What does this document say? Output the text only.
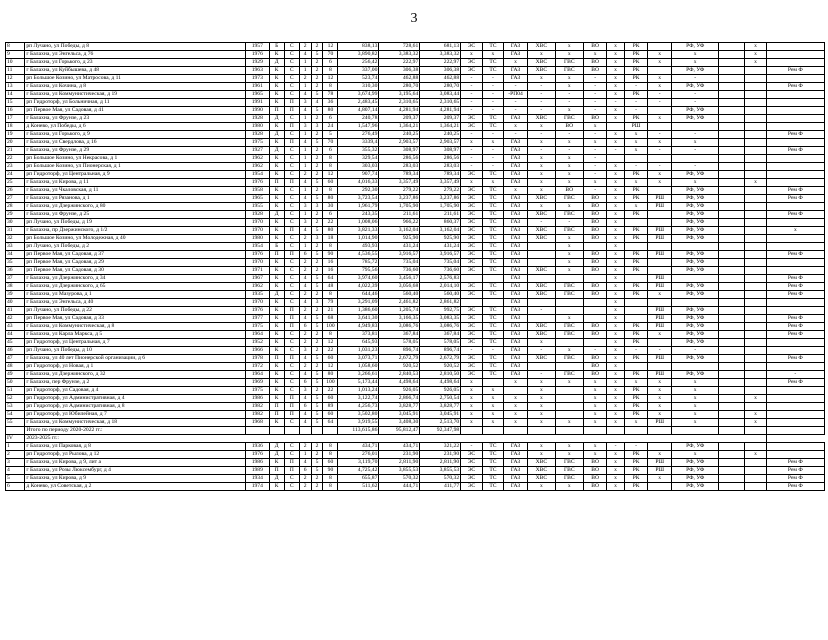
3
8	рп Лучано, ул Победы, д 8	1957	Б	С	2	2	12	838,13	728,61	681,13	ЭС	ТС	ГАЗ	ХВС	х	ВО	х	РК		РФ, УФ		х	
9	г Балахна, ул Энгельса, д 76	1976	К	С	4	5	70	3,890,82	3,383,32	3,383,32	х	х	ГАЗ	х	х	х	х	РК	х	х		х	
10	г Балахна, ул Горького, д 23	1929	Д	С	1	2	6	256,42	222,97	222,97	ЭС	ТС	х	ХВС	ГВС	ВО	х	РК	х	х		х	
11	г Балахна, ул Куйбышева, д 48	1963	К	С	1	2	8	337,00	306,38	306,38	ЭС	ТС	ГАЗ	ХВС	ГВС	ВО	х	РК		РФ, УФ			Рем Ф
12	рп Большое Козино, ул Матросова, д 11	1973	К	С	2	2	12	523,74	462,88	462,88	-	-	ГАЗ	х	х	-	х	РК	х	-			
13	г Балахна, ул Кочина, д 8	1961	К	С	1	2	8	310,30	280,70	280,70	-	-	-	-	х	-	х	-	х	РФ, УФ			Рем Ф
14	г Балахна, ул Коммунистическая, д 19	1965	К	С	4	5	78	3,674,99	3,195,64	3,083,44	-	-	-РП04	-	-	-	х	РК	-	-			
15	рп Гидроторф, ул Больничная, д 11	1991	К	П	3	4	36	2,483,45	2,310,65	2,310,65	-	-	-	-	-	-	-	-	-	-			
16	рп Первое Мая, ул Садовая, д 41	1990	П	П	4	5	80	4,807,14	4,281,94	4,281,94	-	-	-	-	х	-	х	-		РФ, УФ			
17	г Балахна, ул Фрунзе, д 23	1928	Д	С	1	2	6	240,78	209,37	209,37	ЭС	ТС	ГАЗ	ХВС	ГВС	ВО	х	РК	х	РФ, УФ			
18	д Конево, ул Победы, д 6	1980	К	П	3	3	24	1,547,96	1,364,21	1,364,21	ЭС	ТС	х	х	ВО	х		РШ					
19	г Балахна, ул Горького, д 9	1928	Д	С	1	2	5	276,49	240,25	240,25	-	-	-	-	-	-	х	х	-	-			Рем Ф
20	г Балахна, ул Свердлова, д 16	1975	К	П	4	5	70	3339,4	2,903,57	2,903,57	х	х	ГАЗ	х	х	х	х	х	х	х			
21	г Балахна, ул Фрунзе, д 29	1927	Д	С	1	2	6	355,32	308,97	308,97	-	-	ГАЗ	-	-	-	-	х	-	-			Рем Ф
22	рп Большое Козино, ул Некрасова, д 1	1962	К	С	1	2	8	329,54	286,56	286,56	-	-	ГАЗ	х	х	-							
23	рп Большое Козино, ул Пионерская, д 1	1962	К	С	1	2	8	303,03	283,03	283,03	-	-	ГАЗ	х	х	-	х	-	-	-			
24	рп Гидроторф, ул Центральная, д 9	1954	К	С	2	2	12	907,74	789,34	789,34	ЭС	ТС	ГАЗ	х	х	-	х	РК	х	РФ, УФ			
25	г Балахна, ул Кирова, д 11	1976	П	П	4	5	60	4,016,33	3,357,49	3,357,49	х	х	ГАЗ	х	х	х	х	х	х	х		х	
26	г Балахна, ул Чкаловская, д 11	1958	К	С	1	2	8	292,30	279,22	279,22	ЭС	ТС	х	х	ВО	-	х	РК		РФ, УФ			Рем Ф
27	г Балахна, ул Рязанова, д 1	1965	К	С	4	5	80	3,723,54	3,237,86	3,237,86	ЭС	ТС	ГАЗ	ХВС	ГВС	ВО	х	РК	РШ	РФ, УФ			Рем Ф
28	г Балахна, ул Дзержинского, д 80	1955	К	С	3	3	30	1,961,79	1,705,90	1,705,90	ЭС	ТС	ГАЗ	х	х	ВО	х	х	РШ	РФ, УФ			
29	г Балахна, ул Фрунзе, д 25	1928	Д	С	1	2	6	243,35	211,61	211,61	ЭС	ТС	ГАЗ	ХВС	ГВС	ВО	х	РК		РФ, УФ			Рем Ф
30	рп Лучано, ул Победы, д 19	1970	К	С	3	2	22	1,008,06	966,22	860,37	ЭС	ТС	ГАЗ	-	-	ВО	х			РФ, УФ			
31	г Балахна, пр Дзержинского, д 1/2	1970	К	П	4	5	80	3,821,33	3,162,04	3,162,04	ЭС	ТС	ГАЗ	ХВС	ГВС	ВО	х	РК	РШ	РФ, УФ			х
32	рп Большое Козино, ул Молодежная, д 40	1980	К	С	2	3	18	1,014,90	925,90	925,90	ЭС	ТС	ГАЗ	ХВС	х	ВО	х	РК	РШ	РФ, УФ			
33	рп Лучано, ул Победы, д 2	1954	Б	С	1	2	8	493,93	431,24	431,24	ЭС	ТС	ГАЗ		х		х						
34	рп Первое Мая, ул Садовая, д 37	1976	П	П	6	5	90	4,536,55	3,916,57	3,916,57	ЭС	ТС	ГАЗ		х	ВО	х	РК	РШ	РФ, УФ			Рем Ф
35	рп Первое Мая, ул Садовая, д 29	1970	К	С	2	2	16	785,72	735,04	735,04	ЭС	ТС	ГАЗ		х	ВО	х	РК		РФ, УФ			
36	рп Первое Мая, ул Садовая, д 30	1971	К	С	2	2	16	795,56	736,60	736,60	ЭС	ТС	ГАЗ	ХВС	х	ВО	х	РК		РФ, УФ			
37	г Балахна, ул Дзержинского, д 34	1967	К	С	4	5	64	3,974,60	3,456,17	2,576,83			ГАЗ				х		РШ				Рем Ф
38	г Балахна, ул Дзержинского, д 65	1962	К	С	4	5	48	4,022,39	3,056,68	2,014,10	ЭС	ТС	ГАЗ	ХВС	ГВС	ВО	х	РК	РШ	РФ, УФ			Рем Ф
39	г Балахна, ул Мазурова, д 1	1935	Д	С	2	2	8	644,46	560,40	560,40	ЭС	ТС	ГАЗ	ХВС	ГВС	ВО	х	РК	х	РФ, УФ			Рем Ф
40	г Балахна, ул Энгельса, д 40	1970	К	С	4	3	79	3,291,09	2,461,82	2,861,82			ГАЗ				х						
41	рп Лучано, ул Победы, д 22	1976	К	П	2	2	21	1,386,60	1,205,74	992,75	ЭС	ТС	ГАЗ	-			х		РШ	РФ, УФ			
42	рп Первое Мая, ул Садовая, д 33	1977	К	П	4	5	68	3,641,30	3,166,35	3,083,35	ЭС	ТС	ГАЗ		х		х		РШ	РФ, УФ			Рем Ф
43	г Балахна, ул Коммунистическая, д 8	1975	К	П	6	5	100	4,949,83	3,086,76	3,086,76	ЭС	ТС	ГАЗ	ХВС	ГВС	ВО	х	РК	РШ	РФ, УФ			Рем Ф
44	г Балахна, ул Карла Маркса, д 5	1964	К	С	2	2	8	373,81	367,84	367,84	ЭС	ТС	ГАЗ	ХВС	ГВС	ВО	х	РК	х	РФ, УФ			Рем Ф
45	рп Гидроторф, ул Центральная, д 7	1952	К	С	2	2	12	645,93	578,05	578,05	ЭС	ТС	ГАЗ	х			х	РК		РФ, УФ			
46	рп Лучано, ул Победы, д 10	1966	К	С	3	2	22	1,031,23	896,74	896,74	-	-	ГАЗ	-	х	-	х	-	-	-			
47	г Балахна, ул 40 лет Пионерской организации, д 6	1978	П	П	4	5	60	3,073,71	2,672,79	2,672,79	ЭС	ТС	ГАЗ	ХВС	ГВС	ВО	х	РК	РШ	РФ, УФ			Рем Ф
48	рп Гидроторф, ул Новая, д 1	1972	К	С	2	2	12	1,058,60	920,52	920,52	ЭС	ТС	ГАЗ			ВО	х						
49	г Балахна, ул Дзержинского, д 32	1964	К	С	4	5	80	3,266,61	2,840,53	2,810,50	ЭС	ТС	ГАЗ	-	ГВС	ВО	х	РК	РШ	РФ, УФ			-
50	г Балахна, пер Фрунзе, д 2	1969	К	С	6	5	100	5,173,44	4,498,64	4,498,64	х		х	х	х	х	х	х	х	х			Рем Ф
51	рп Гидроторф, ул Садовая, д 4	1975	К	С	3	2	22	1,013,24	926,05	926,05	х	х		х		х	х	РК	х	х			
52	рп Гидроторф, ул Административная, д 4	1986	К	П	4	5	60	3,122,74	2,866,74	2,750,54	х	х	х	х		х	х	РК	х	х		х	
53	рп Гидроторф, ул Административная, д 8	1982	П	П	6	5	89	4,256,73	3,828,77	3,828,77	х	х	х	х		х	х	РК	х	х			
54	рп Гидроторф, ул Юбилейная, д 7	1982	П	П	4	5	60	3,502,80	3,045,91	3,045,91	х	х	х	х		х	х	РК	х	х		х	
55	г Балахна, ул Коммунистическая, д 18	1968	К	С	4	5	64	3,919,55	3,408,30	2,513,70	х	х	х	х	х	х	х	х	РШ	х		х	
	Итого по периоду 2020-2022 гг.:							113,615,86	95,812,47	92,347,98													
IV	2023-2025 гг.:																						
1	г Балахна, ул Парковая, д 8	1936	Д	С	2	2	8	434,71	434,71	321,22	-	ТС	ГАЗ	х	х	х	-	-		РФ, УФ			
2	рп Гидроторф, ул Рылова, д 12	1976	Д	С	1	2	8	276,01	231,90	231,90	ЭС	ТС	ГАЗ	х	х	х	х	РК	х	х		х	
3	г Балахна, ул Кирова, д 9, лит а	1986	К	П	4	5	60	3,119,70	2,811,90	2,811,90	ЭС	ТС	ГАЗ	ХВС	ГВС	ВО	х	РК	РШ	РФ, УФ			Рем Ф
4	г Балахна, ул Розы Люксембург, д 4	1989	П	П	6	5	90	4,725,42	3,855,53	3,855,53	ЭС	ТС	ГАЗ	ХВС	ГВС	ВО	х	РК	РШ	РФ, УФ			Рем Ф
5	г Балахна, ул Кирова, д 9	1934	Д	С	2	2	8	655,87	570,32	570,32	ЭС	ТС	ГАЗ	ХВС	ГВС	ВО	х	РК	х	РФ, УФ			Рем Ф
6	д Конево, ул Советская, д 2	1974	К	С	2	2	8	511,62	444,71	411,77	ЭС	ТС	ГАЗ	х	х	ВО	х	РК		РФ, УФ			Рем Ф
